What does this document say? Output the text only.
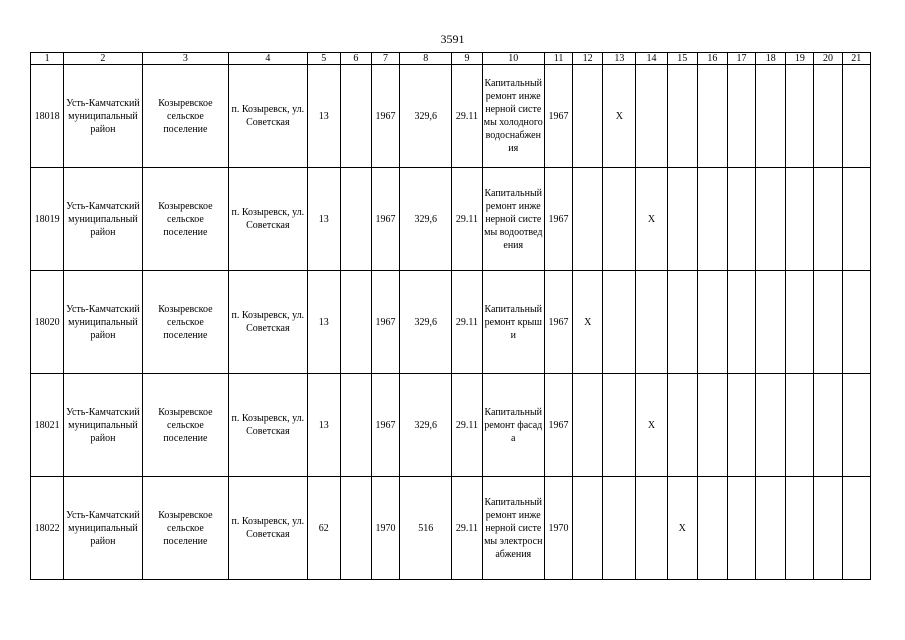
3591
1	2	3	4	5	6	7	8	9	10	11	12	13	14	15	16	17	18	19	20	21
18018	Усть-Камчатский муниципальный район	Козыревское сельское поселение	п. Козыревск, ул. Советская	13		1967	329,6	29.11	Капитальный ремонт инженерной системы холодного водоснабжения	1967		X								
18019	Усть-Камчатский муниципальный район	Козыревское сельское поселение	п. Козыревск, ул. Советская	13		1967	329,6	29.11	Капитальный ремонт инженерной системы водоотведения	1967			X							
18020	Усть-Камчатский муниципальный район	Козыревское сельское поселение	п. Козыревск, ул. Советская	13		1967	329,6	29.11	Капитальный ремонт крыши	1967	X									
18021	Усть-Камчатский муниципальный район	Козыревское сельское поселение	п. Козыревск, ул. Советская	13		1967	329,6	29.11	Капитальный ремонт фасада	1967			X							
18022	Усть-Камчатский муниципальный район	Козыревское сельское поселение	п. Козыревск, ул. Советская	62		1970	516	29.11	Капитальный ремонт инженерной системы электроснабжения	1970				X						
